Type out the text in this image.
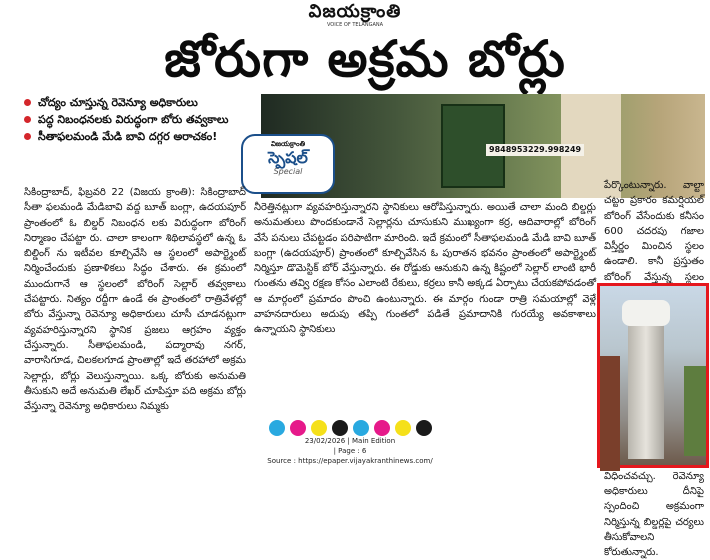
విజయక్రాంతి
VOICE OF TELANGANA
జోరుగా అక్రమ బోర్లు
చోద్యం చూస్తున్న రెవెన్యూ అధికారులు
పద్ధ నిబంధనలకు విరుద్ధంగా బోరు తవ్వకాలు
సీతాఫలమండి మేడి బావి దగ్గర అరాచకం!
9848953229.998249
విజయక్రాంతి
స్పెషల్
Special
సికింద్రాబాద్, ఫిబ్రవరి 22 (విజయ క్రాంతి): సికింద్రాబాద్ సీతా ఫలమండి మేడిబావి వద్ద బూత్ బంగ్లా, ఉదయపూర్ ప్రాంతంలో ఓ బిల్డర్ నిబంధన లకు విరుద్ధంగా బోరింగ్ నిర్మాణం చేపట్టా రు. చాలా కాలంగా శిథిలావస్థలో ఉన్న ఓ బిల్డింగ్ ను ఇటీవల కూల్చివేసి ఆ స్థలంలో అపార్ట్మెంట్ నిర్మించేందుకు ప్రణాళికలు సిద్ధం చేశారు. ఈ క్రమంలో ముందుగానే ఆ స్థలంలో బోరింగ్ సెల్లార్ తవ్వకాలు చేపట్టారు. నిత్యం రద్దీగా ఉండే ఈ ప్రాంతంలో రాత్రివేళల్లో బోరు వేస్తున్నా రెవెన్యూ అధికారులు చూసీ చూడనట్లుగా వ్యవహరిస్తున్నారని స్థానిక ప్రజలు ఆగ్రహం వ్యక్తం చేస్తున్నారు. సీతాఫలమండి, పద్మారావు నగర్, వారాసిగూడ, చిలకలగూడ ప్రాంతాల్లో ఇదే తరహాలో అక్రమ సెల్లార్లు, బోర్లు వెలుస్తున్నాయి. ఒక్క బోరుకు అనుమతి తీసుకుని అదే అనుమతి లేఖర్ చూపిస్తూ పది అక్రమ బోర్లు వేస్తున్నా రెవెన్యూ అధికారులు నిమ్మకు
నీరెత్తినట్లుగా వ్యవహరిస్తున్నారని స్థానికులు ఆరోపిస్తున్నారు. అయితే చాలా మంది బిల్డర్లు అనుమతులు పొందకుండానే సెల్లార్లను చూసుకుని ముఖ్యంగా కర్ర, ఆదివారాల్లో బోరింగ్ వేసే పనులు చేపట్టడం పరిపాటిగా మారింది. ఇదే క్రమంలో సీతాఫలమండి మేడి బావి బూత్ బంగ్లా (ఉదయపూర్) ప్రాంతంలో కూల్చివేసిన ఓ పురాతన భవనం ప్రాంతంలో అపార్ట్మెంట్ నిర్మిస్తూ డొమెస్టిక్ బోర్ వేస్తున్నారు. ఈ రోడ్డుకు ఆనుకుని ఉన్న కిష్టంలో సెల్లార్ లాంటి భారీ గుంతను తవ్వి రక్షణ కోసం ఎలాంటి రేకులు, కర్రలు కానీ అక్కడ ఏర్పాటు చేయకపోవడంతో ఆ మార్గంలో ప్రమాదం పొంచి ఉంటున్నారు. ఈ మార్గం గుండా రాత్రి సమయాల్లో వెళ్లే వాహనదారులు అదుపు తప్పి గుంతలో పడితే ప్రమాదానికి గురయ్యే అవకాశాలు ఉన్నాయని స్థానికులు
పేర్కొంటున్నారు. వాల్టా చట్టం ప్రకారం కమర్షియల్ బోరింగ్ వేసేందుకు కనీసం 600 చదరపు గజాల విస్తీర్ణం మించిన స్థలం ఉండాలి. కానీ ప్రస్తుతం బోరింగ్ వేస్తున్న స్థలం విధించవచ్చు. రెవెన్యూ అధికారులు దీనిపై స్పందించి అక్రమంగా నిర్మిస్తున్న బిల్డర్లపై చర్యలు తీసుకోవాలని కోరుతున్నారు.
23/02/2026 | Main Edition
| Page : 6
Source : https://epaper.vijayakranthinews.com/
